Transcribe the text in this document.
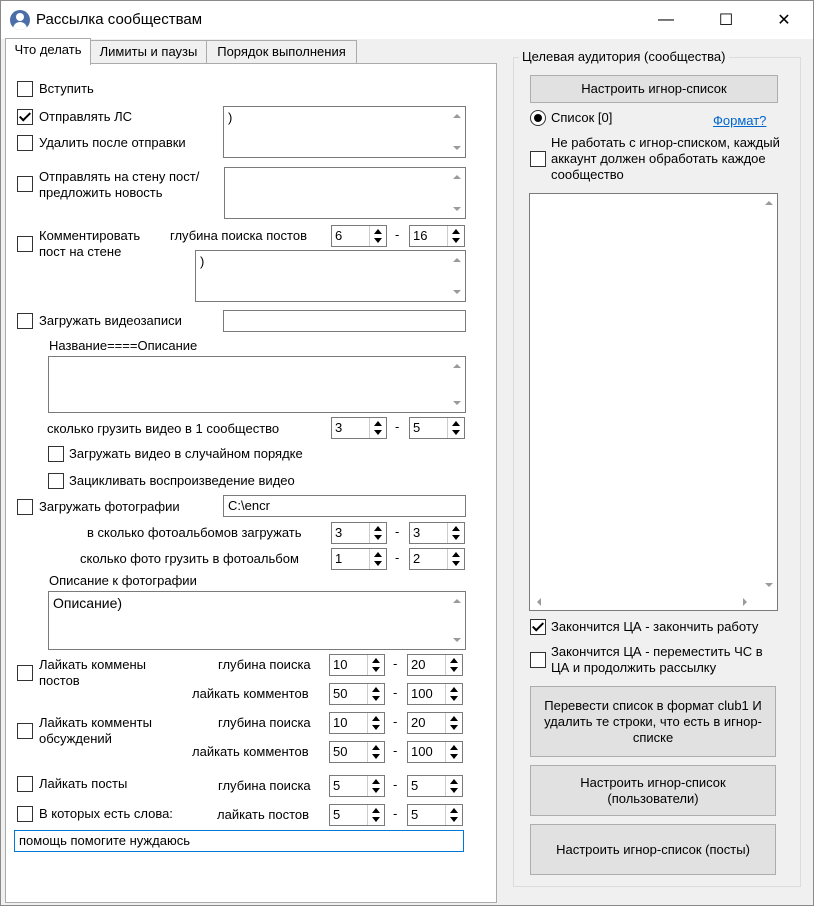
Рассылка сообществам	—	☐	✕
Что делать	Лимиты и паузы	Порядок выполнения
Вступить
Отправлять ЛС	)
Удалить после отправки
Отправлять на стену пост/предложить новость
Комментировать пост на стене
глубина поиска постов 6	- 16
)
Загружать видеозаписи
Название====Описание
сколько грузить видео в 1 сообщество	3	- 5
Загружать видео в случайном порядке
Зацикливать воспроизведение видео
Загружать фотографии	C:\encr
в сколько фотоальбомов загружать	3	- 3
сколько фото грузить в фотоальбом	1	- 2
Описание к фотографии
Описание)
Лайкать коммены постов
глубина поиска 10	- 20
лайкать комментов 50	- 100
Лайкать комменты обсуждений
глубина поиска 10	- 20
лайкать комментов 50	- 100
Лайкать посты	глубина поиска 5	- 5
В которых есть слова:	лайкать постов 5	- 5
помощь помогите нуждаюсь
Целевая аудитория (сообщества)
Настроить игнор-список
Список [0]	Формат?
Не работать с игнор-списком, каждый аккаунт должен обработать каждое сообщество
Закончится ЦА - закончить работу
Закончится ЦА - переместить ЧС в ЦА и продолжить рассылку
Перевести список в формат club1 И удалить те строки, что есть в игнор-списке
Настроить игнор-список (пользователи)
Настроить игнор-список (посты)
